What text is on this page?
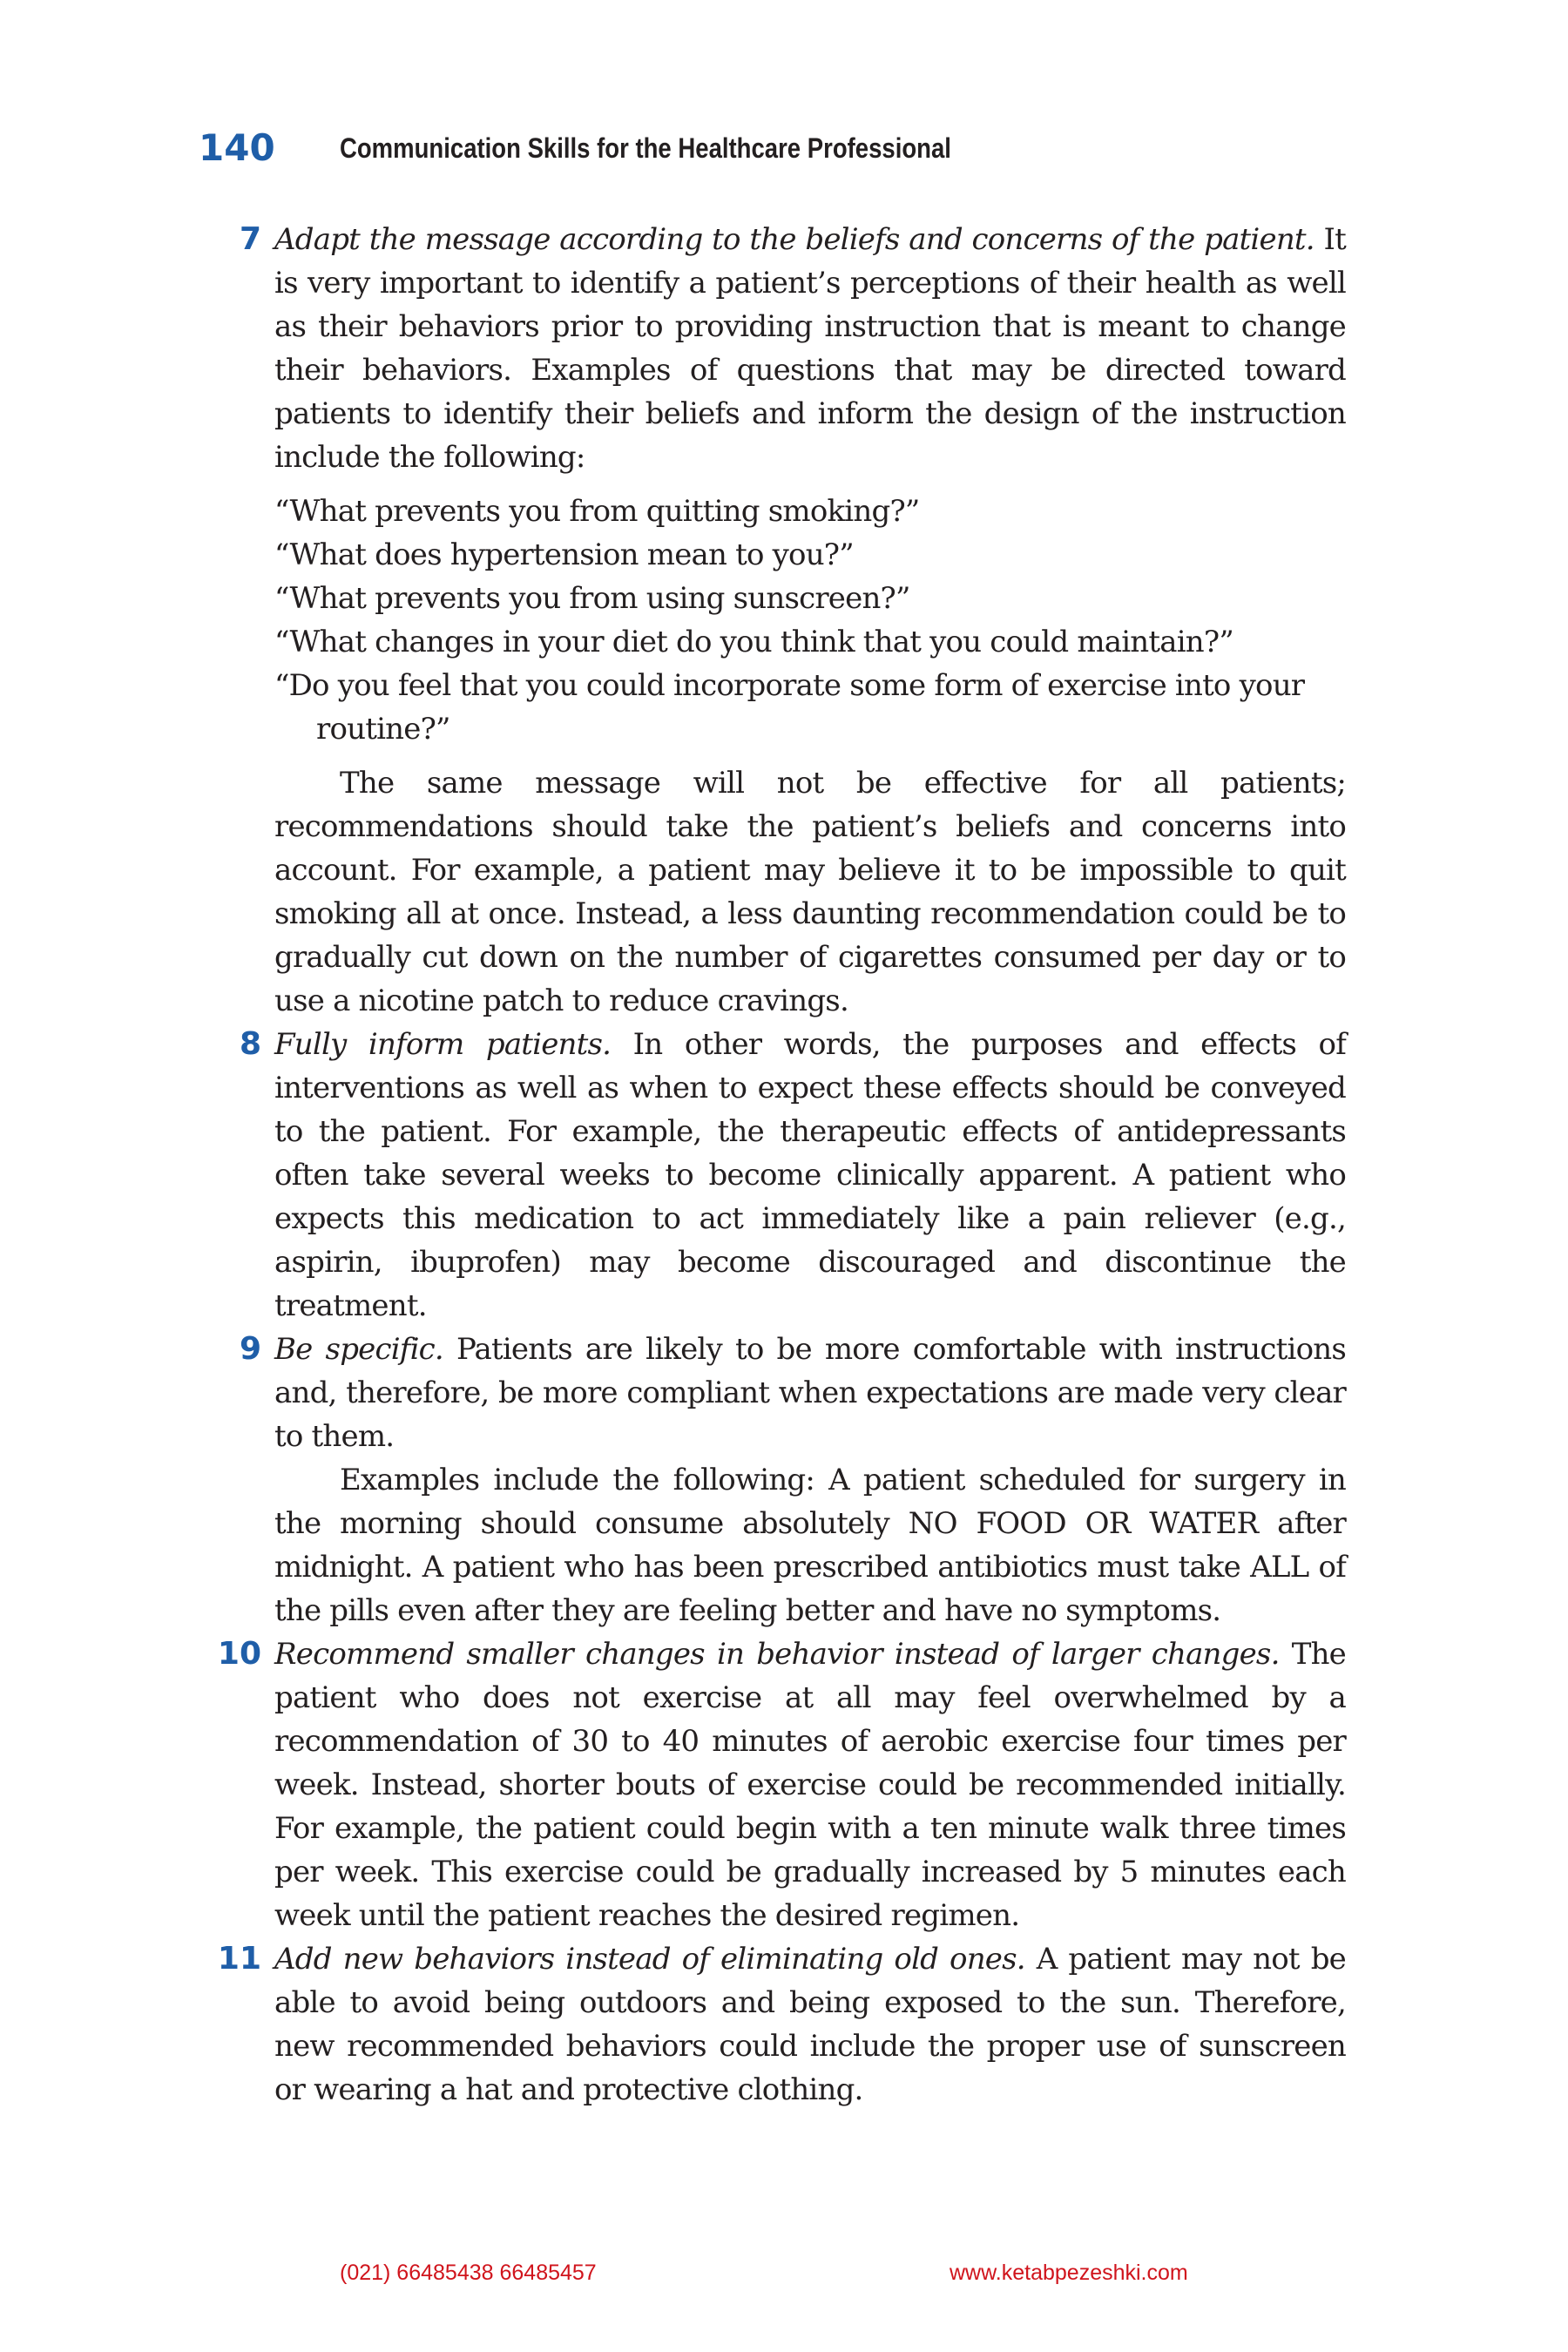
140 Communication Skills for the Healthcare Professional
7 Adapt the message according to the beliefs and concerns of the patient. It is very important to identify a patient’s perceptions of their health as well as their behaviors prior to providing instruction that is meant to change their behaviors. Examples of questions that may be directed toward patients to identify their beliefs and inform the design of the instruction include the following:

“What prevents you from quitting smoking?”
“What does hypertension mean to you?”
“What prevents you from using sunscreen?”
“What changes in your diet do you think that you could maintain?”
“Do you feel that you could incorporate some form of exercise into your routine?”

The same message will not be effective for all patients; recommendations should take the patient’s beliefs and concerns into account. For example, a patient may believe it to be impossible to quit smoking all at once. Instead, a less daunting recommendation could be to gradually cut down on the number of cigarettes consumed per day or to use a nicotine patch to reduce cravings.

8 Fully inform patients. In other words, the purposes and effects of interventions as well as when to expect these effects should be conveyed to the patient. For example, the therapeutic effects of antidepressants often take several weeks to become clinically apparent. A patient who expects this medication to act immediately like a pain reliever (e.g., aspirin, ibuprofen) may become discouraged and discontinue the treatment.

9 Be specific. Patients are likely to be more comfortable with instructions and, therefore, be more compliant when expectations are made very clear to them.

Examples include the following: A patient scheduled for surgery in the morning should consume absolutely NO FOOD OR WATER after midnight. A patient who has been prescribed antibiotics must take ALL of the pills even after they are feeling better and have no symptoms.

10 Recommend smaller changes in behavior instead of larger changes. The patient who does not exercise at all may feel overwhelmed by a recommendation of 30 to 40 minutes of aerobic exercise four times per week. Instead, shorter bouts of exercise could be recommended initially. For example, the patient could begin with a ten minute walk three times per week. This exercise could be gradually increased by 5 minutes each week until the patient reaches the desired regimen.

11 Add new behaviors instead of eliminating old ones. A patient may not be able to avoid being outdoors and being exposed to the sun. Therefore, new recommended behaviors could include the proper use of sunscreen or wearing a hat and protective clothing.

(021) 66485438 66485457	www.ketabpezeshki.com
